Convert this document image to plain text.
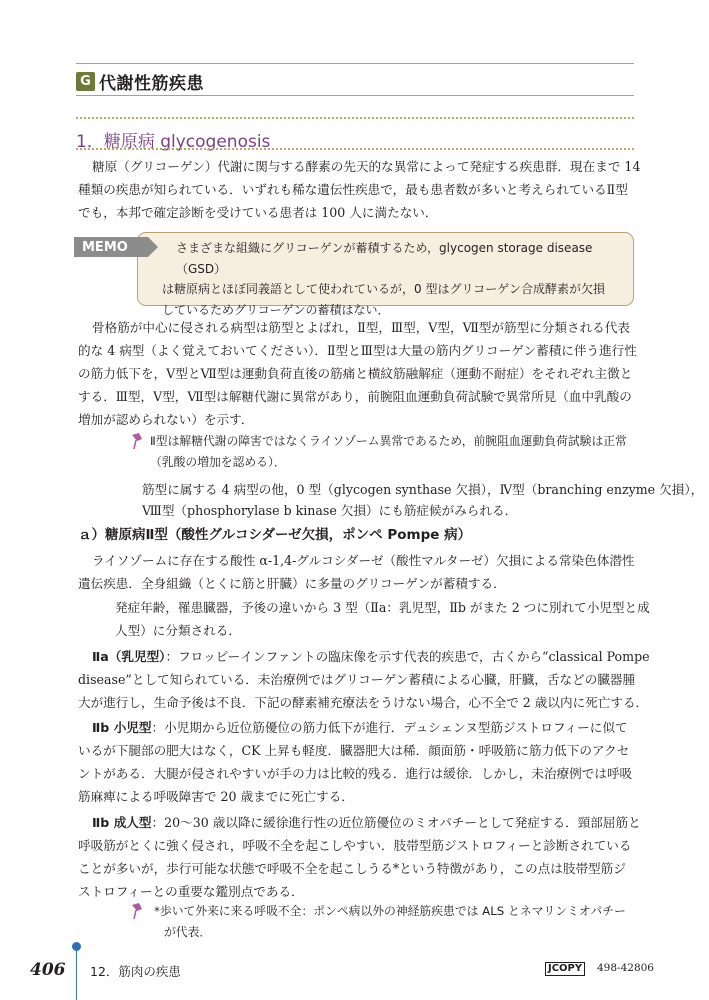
G 代謝性筋疾患
1．糖原病 glycogenosis
糖原（グリコーゲン）代謝に関与する酵素の先天的な異常によって発症する疾患群．現在まで 14
種類の疾患が知られている．いずれも稀な遺伝性疾患で，最も患者数が多いと考えられているⅡ型
でも，本邦で確定診断を受けている患者は 100 人に満たない．
MEMO	さまざまな組織にグリコーゲンが蓄積するため，glycogen storage disease（GSD）
は糖原病とほぼ同義語として使われているが，0 型はグリコーゲン合成酵素が欠損
しているためグリコーゲンの蓄積はない．
骨格筋が中心に侵される病型は筋型とよばれ，Ⅱ型，Ⅲ型，Ⅴ型，Ⅶ型が筋型に分類される代表
的な 4 病型（よく覚えておいてください）．Ⅱ型とⅢ型は大量の筋内グリコーゲン蓄積に伴う進行性
の筋力低下を，Ⅴ型とⅦ型は運動負荷直後の筋痛と横紋筋融解症（運動不耐症）をそれぞれ主徴と
する．Ⅲ型，Ⅴ型，Ⅶ型は解糖代謝に異常があり，前腕阻血運動負荷試験で異常所見（血中乳酸の
増加が認められない）を示す．
Ⅱ型は解糖代謝の障害ではなくライソゾーム異常であるため，前腕阻血運動負荷試験は正常
（乳酸の増加を認める）．
筋型に属する 4 病型の他，0 型（glycogen synthase 欠損），Ⅳ型（branching enzyme 欠損），
Ⅷ型（phosphorylase b kinase 欠損）にも筋症候がみられる．
ａ）糖原病Ⅱ型（酸性グルコシダーゼ欠損，ポンペ Pompe 病）
ライソゾームに存在する酸性 α-1,4-グルコシダーゼ（酸性マルターゼ）欠損による常染色体潜性
遺伝疾患．全身組織（とくに筋と肝臓）に多量のグリコーゲンが蓄積する．
発症年齢，罹患臓器，予後の違いから 3 型（Ⅱa：乳児型，Ⅱb がまた 2 つに別れて小児型と成
人型）に分類される．
Ⅱa（乳児型）：フロッピーインファントの臨床像を示す代表的疾患で，古くから“classical Pompe
disease”として知られている．未治療例ではグリコーゲン蓄積による心臓，肝臓，舌などの臓器腫
大が進行し，生命予後は不良．下記の酵素補充療法をうけない場合，心不全で 2 歳以内に死亡する．
Ⅱb 小児型：小児期から近位筋優位の筋力低下が進行．デュシェンヌ型筋ジストロフィーに似て
いるが下腿部の肥大はなく，CK 上昇も軽度．臓器肥大は稀．顔面筋・呼吸筋に筋力低下のアクセ
ントがある．大腿が侵されやすいが手の力は比較的残る．進行は緩徐．しかし，未治療例では呼吸
筋麻痺による呼吸障害で 20 歳までに死亡する．
Ⅱb 成人型：20～30 歳以降に緩徐進行性の近位筋優位のミオパチーとして発症する．頸部屈筋と
呼吸筋がとくに強く侵され，呼吸不全を起こしやすい．肢帯型筋ジストロフィーと診断されている
ことが多いが，歩行可能な状態で呼吸不全を起こしうる*という特徴があり，この点は肢帯型筋ジ
ストロフィーとの重要な鑑別点である．
*歩いて外来に来る呼吸不全：ポンペ病以外の神経筋疾患では ALS とネマリンミオパチー
が代表．
406 12．筋肉の疾患	JCOPY 498-42806
